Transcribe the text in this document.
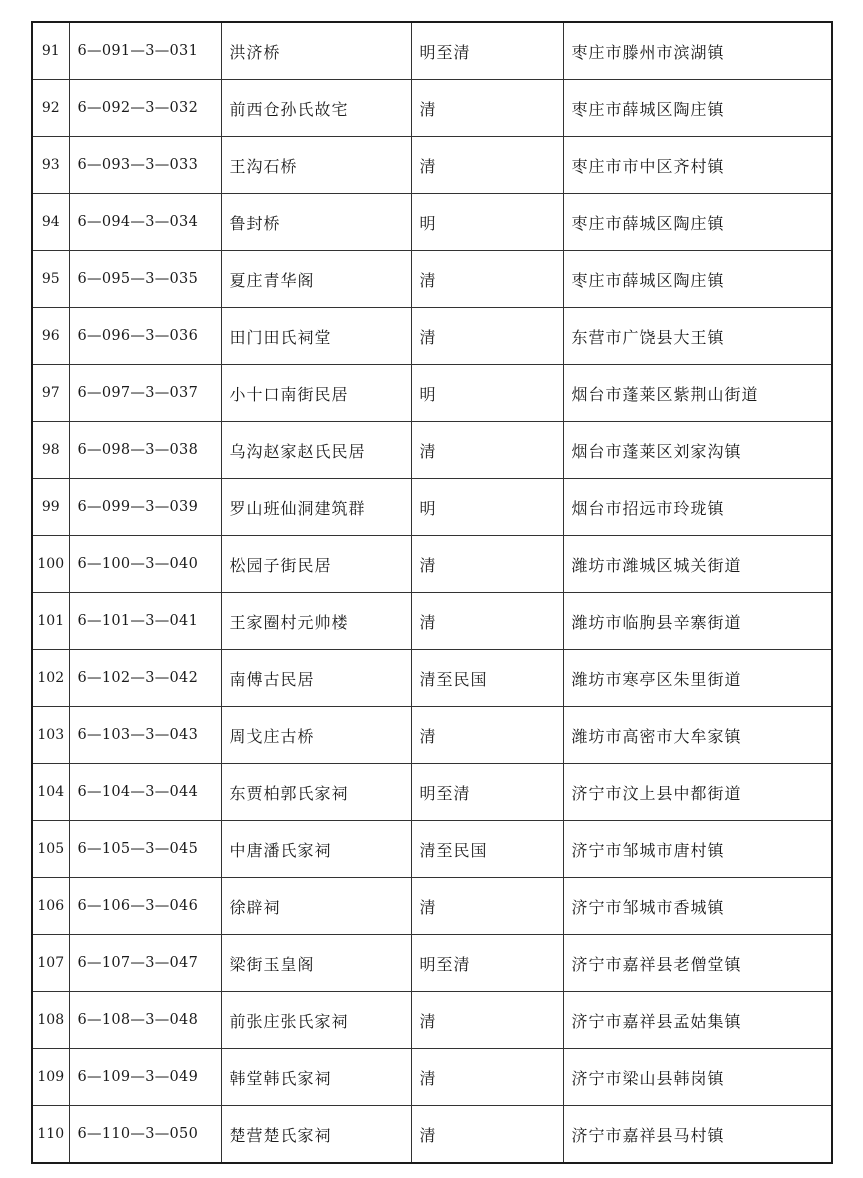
91	6—091—3—031	洪济桥	明至清	枣庄市滕州市滨湖镇
92	6—092—3—032	前西仓孙氏故宅	清	枣庄市薛城区陶庄镇
93	6—093—3—033	王沟石桥	清	枣庄市市中区齐村镇
94	6—094—3—034	鲁封桥	明	枣庄市薛城区陶庄镇
95	6—095—3—035	夏庄青华阁	清	枣庄市薛城区陶庄镇
96	6—096—3—036	田门田氏祠堂	清	东营市广饶县大王镇
97	6—097—3—037	小十口南街民居	明	烟台市蓬莱区紫荆山街道
98	6—098—3—038	乌沟赵家赵氏民居	清	烟台市蓬莱区刘家沟镇
99	6—099—3—039	罗山班仙洞建筑群	明	烟台市招远市玲珑镇
100	6—100—3—040	松园子街民居	清	潍坊市潍城区城关街道
101	6—101—3—041	王家圈村元帅楼	清	潍坊市临朐县辛寨街道
102	6—102—3—042	南傅古民居	清至民国	潍坊市寒亭区朱里街道
103	6—103—3—043	周戈庄古桥	清	潍坊市高密市大牟家镇
104	6—104—3—044	东贾柏郭氏家祠	明至清	济宁市汶上县中都街道
105	6—105—3—045	中唐潘氏家祠	清至民国	济宁市邹城市唐村镇
106	6—106—3—046	徐辟祠	清	济宁市邹城市香城镇
107	6—107—3—047	梁街玉皇阁	明至清	济宁市嘉祥县老僧堂镇
108	6—108—3—048	前张庄张氏家祠	清	济宁市嘉祥县孟姑集镇
109	6—109—3—049	韩堂韩氏家祠	清	济宁市梁山县韩岗镇
110	6—110—3—050	楚营楚氏家祠	清	济宁市嘉祥县马村镇
